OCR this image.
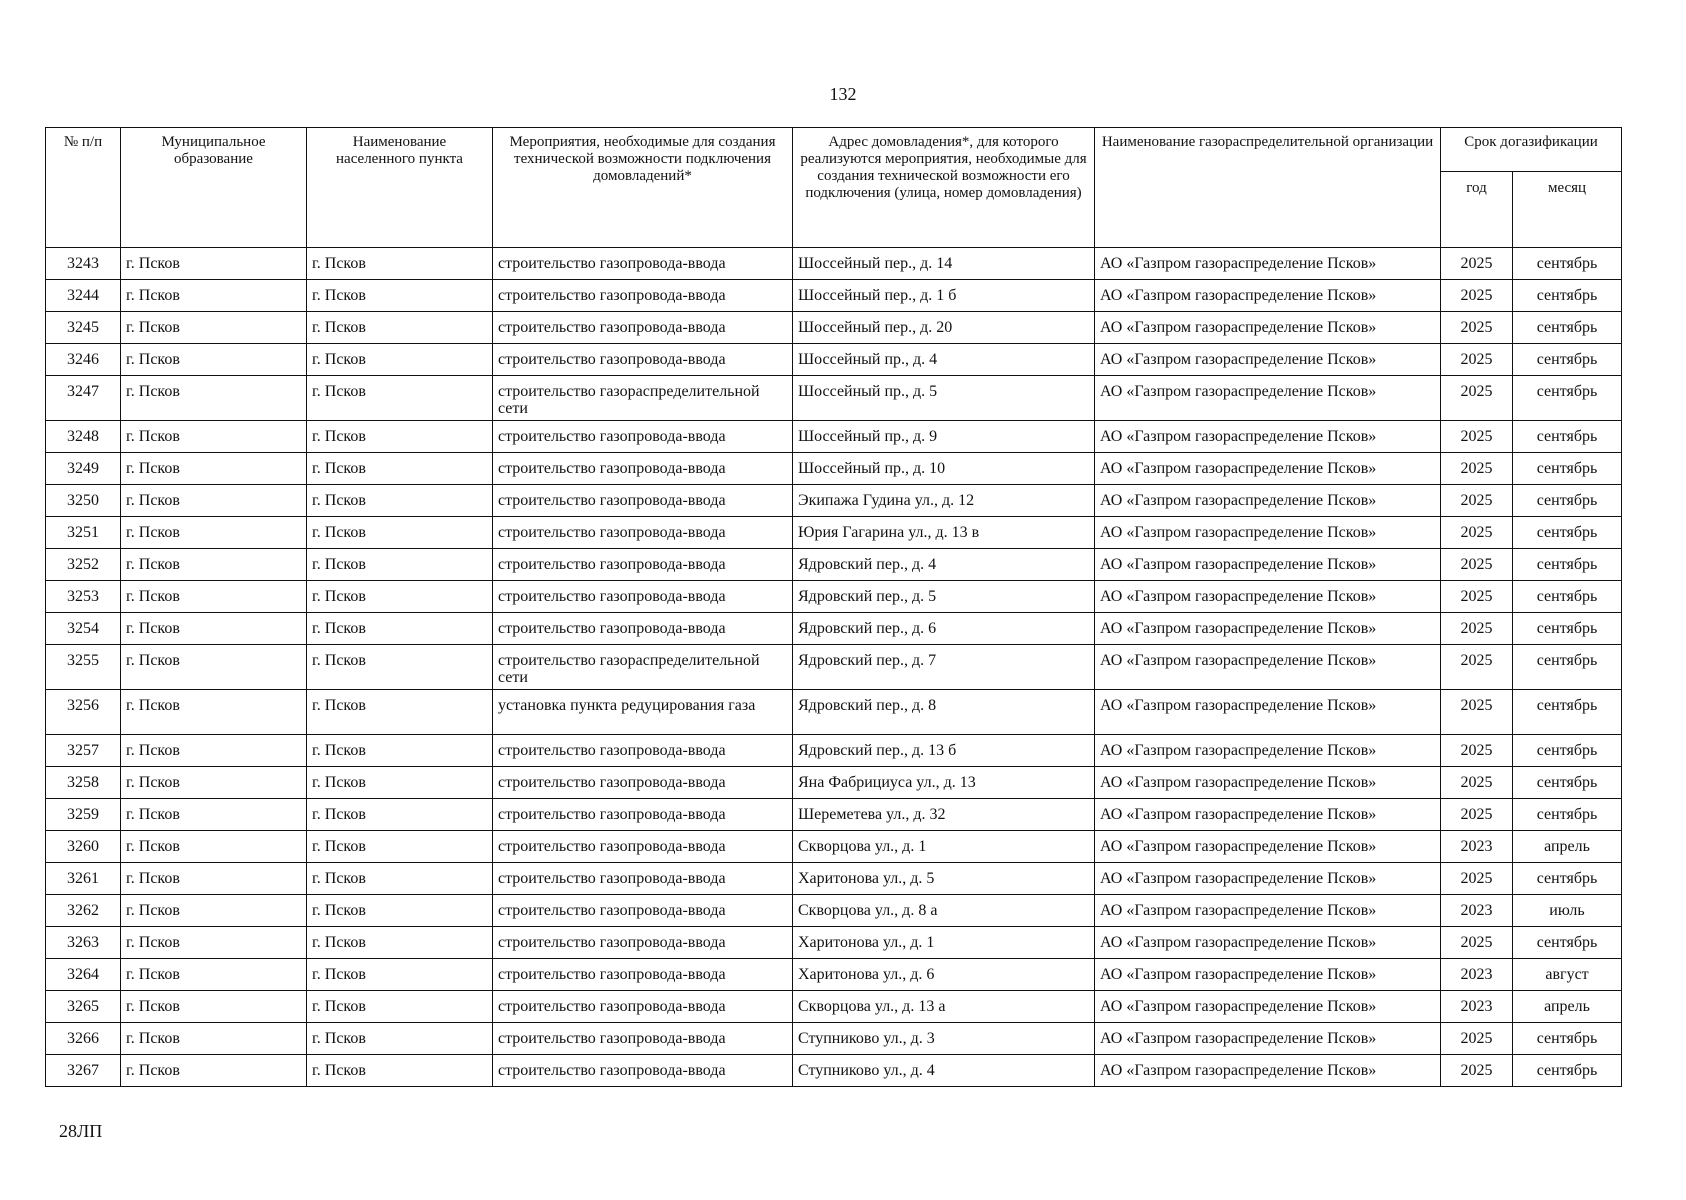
132
№ п/п	Муниципальное образование	Наименование населенного пункта	Мероприятия, необходимые для создания технической возможности подключения домовладений*	Адрес домовладения*, для которого реализуются мероприятия, необходимые для создания технической возможности его подключения (улица, номер домовладения)	Наименование газораспределительной организации	Срок догазификации	
						год	месяц
3243	г. Псков	г. Псков	строительство газопровода-ввода	Шоссейный пер., д. 14	АО «Газпром газораспределение Псков»	2025	сентябрь
3244	г. Псков	г. Псков	строительство газопровода-ввода	Шоссейный пер., д. 1 б	АО «Газпром газораспределение Псков»	2025	сентябрь
3245	г. Псков	г. Псков	строительство газопровода-ввода	Шоссейный пер., д. 20	АО «Газпром газораспределение Псков»	2025	сентябрь
3246	г. Псков	г. Псков	строительство газопровода-ввода	Шоссейный пр., д. 4	АО «Газпром газораспределение Псков»	2025	сентябрь
3247	г. Псков	г. Псков	строительство газораспределительной сети	Шоссейный пр., д. 5	АО «Газпром газораспределение Псков»	2025	сентябрь
3248	г. Псков	г. Псков	строительство газопровода-ввода	Шоссейный пр., д. 9	АО «Газпром газораспределение Псков»	2025	сентябрь
3249	г. Псков	г. Псков	строительство газопровода-ввода	Шоссейный пр., д. 10	АО «Газпром газораспределение Псков»	2025	сентябрь
3250	г. Псков	г. Псков	строительство газопровода-ввода	Экипажа Гудина ул., д. 12	АО «Газпром газораспределение Псков»	2025	сентябрь
3251	г. Псков	г. Псков	строительство газопровода-ввода	Юрия Гагарина ул., д. 13 в	АО «Газпром газораспределение Псков»	2025	сентябрь
3252	г. Псков	г. Псков	строительство газопровода-ввода	Ядровский пер., д. 4	АО «Газпром газораспределение Псков»	2025	сентябрь
3253	г. Псков	г. Псков	строительство газопровода-ввода	Ядровский пер., д. 5	АО «Газпром газораспределение Псков»	2025	сентябрь
3254	г. Псков	г. Псков	строительство газопровода-ввода	Ядровский пер., д. 6	АО «Газпром газораспределение Псков»	2025	сентябрь
3255	г. Псков	г. Псков	строительство газораспределительной сети	Ядровский пер., д. 7	АО «Газпром газораспределение Псков»	2025	сентябрь
3256	г. Псков	г. Псков	установка пункта редуцирования газа	Ядровский пер., д. 8	АО «Газпром газораспределение Псков»	2025	сентябрь
3257	г. Псков	г. Псков	строительство газопровода-ввода	Ядровский пер., д. 13 б	АО «Газпром газораспределение Псков»	2025	сентябрь
3258	г. Псков	г. Псков	строительство газопровода-ввода	Яна Фабрициуса ул., д. 13	АО «Газпром газораспределение Псков»	2025	сентябрь
3259	г. Псков	г. Псков	строительство газопровода-ввода	Шереметева ул., д. 32	АО «Газпром газораспределение Псков»	2025	сентябрь
3260	г. Псков	г. Псков	строительство газопровода-ввода	Скворцова ул., д. 1	АО «Газпром газораспределение Псков»	2023	апрель
3261	г. Псков	г. Псков	строительство газопровода-ввода	Харитонова ул., д. 5	АО «Газпром газораспределение Псков»	2025	сентябрь
3262	г. Псков	г. Псков	строительство газопровода-ввода	Скворцова ул., д. 8 а	АО «Газпром газораспределение Псков»	2023	июль
3263	г. Псков	г. Псков	строительство газопровода-ввода	Харитонова ул., д. 1	АО «Газпром газораспределение Псков»	2025	сентябрь
3264	г. Псков	г. Псков	строительство газопровода-ввода	Харитонова ул., д. 6	АО «Газпром газораспределение Псков»	2023	август
3265	г. Псков	г. Псков	строительство газопровода-ввода	Скворцова ул., д. 13 а	АО «Газпром газораспределение Псков»	2023	апрель
3266	г. Псков	г. Псков	строительство газопровода-ввода	Ступниково ул., д. 3	АО «Газпром газораспределение Псков»	2025	сентябрь
3267	г. Псков	г. Псков	строительство газопровода-ввода	Ступниково ул., д. 4	АО «Газпром газораспределение Псков»	2025	сентябрь
28ЛП
